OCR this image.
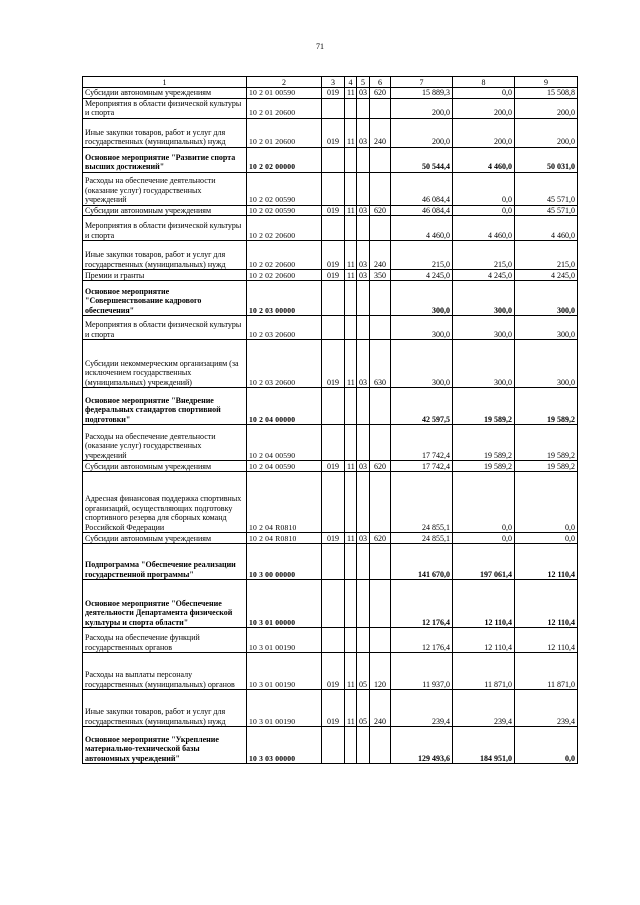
71
1	2	3	4	5	6	7	8	9
Субсидии автономным учреждениям	10 2 01 00590	019	11	03	620	15 889,3	0,0	15 508,8
Мероприятия в области физической культуры и спорта	10 2 01 20600					200,0	200,0	200,0
Иные закупки товаров, работ и услуг для государственных (муниципальных) нужд	10 2 01 20600	019	11	03	240	200,0	200,0	200,0
Основное мероприятие "Развитие спорта высших достижений"	10 2 02 00000					50 544,4	4 460,0	50 031,0
Расходы на обеспечение деятельности (оказание услуг) государственных учреждений	10 2 02 00590					46 084,4	0,0	45 571,0
Субсидии автономным учреждениям	10 2 02 00590	019	11	03	620	46 084,4	0,0	45 571,0
Мероприятия в области физической культуры и спорта	10 2 02 20600					4 460,0	4 460,0	4 460,0
Иные закупки товаров, работ и услуг для государственных (муниципальных) нужд	10 2 02 20600	019	11	03	240	215,0	215,0	215,0
Премии и гранты	10 2 02 20600	019	11	03	350	4 245,0	4 245,0	4 245,0
Основное мероприятие "Совершенствование кадрового обеспечения"	10 2 03 00000					300,0	300,0	300,0
Мероприятия в области физической культуры и спорта	10 2 03 20600					300,0	300,0	300,0
Субсидии некоммерческим организациям (за исключением государственных (муниципальных) учреждений)	10 2 03 20600	019	11	03	630	300,0	300,0	300,0
Основное мероприятие "Внедрение федеральных стандартов спортивной подготовки"	10 2 04 00000					42 597,5	19 589,2	19 589,2
Расходы на обеспечение деятельности (оказание услуг) государственных учреждений	10 2 04 00590					17 742,4	19 589,2	19 589,2
Субсидии автономным учреждениям	10 2 04 00590	019	11	03	620	17 742,4	19 589,2	19 589,2
Адресная финансовая поддержка спортивных организаций, осуществляющих подготовку спортивного резерва для сборных команд Российской Федерации	10 2 04 R0810					24 855,1	0,0	0,0
Субсидии автономным учреждениям	10 2 04 R0810	019	11	03	620	24 855,1	0,0	0,0
Подпрограмма "Обеспечение реализации государственной программы"	10 3 00 00000					141 670,0	197 061,4	12 110,4
Основное мероприятие "Обеспечение деятельности Департамента физической культуры и спорта области"	10 3 01 00000					12 176,4	12 110,4	12 110,4
Расходы на обеспечение функций государственных органов	10 3 01 00190					12 176,4	12 110,4	12 110,4
Расходы на выплаты персоналу государственных (муниципальных) органов	10 3 01 00190	019	11	05	120	11 937,0	11 871,0	11 871,0
Иные закупки товаров, работ и услуг для государственных (муниципальных) нужд	10 3 01 00190	019	11	05	240	239,4	239,4	239,4
Основное мероприятие "Укрепление материально-технической базы автономных учреждений"	10 3 03 00000					129 493,6	184 951,0	0,0
